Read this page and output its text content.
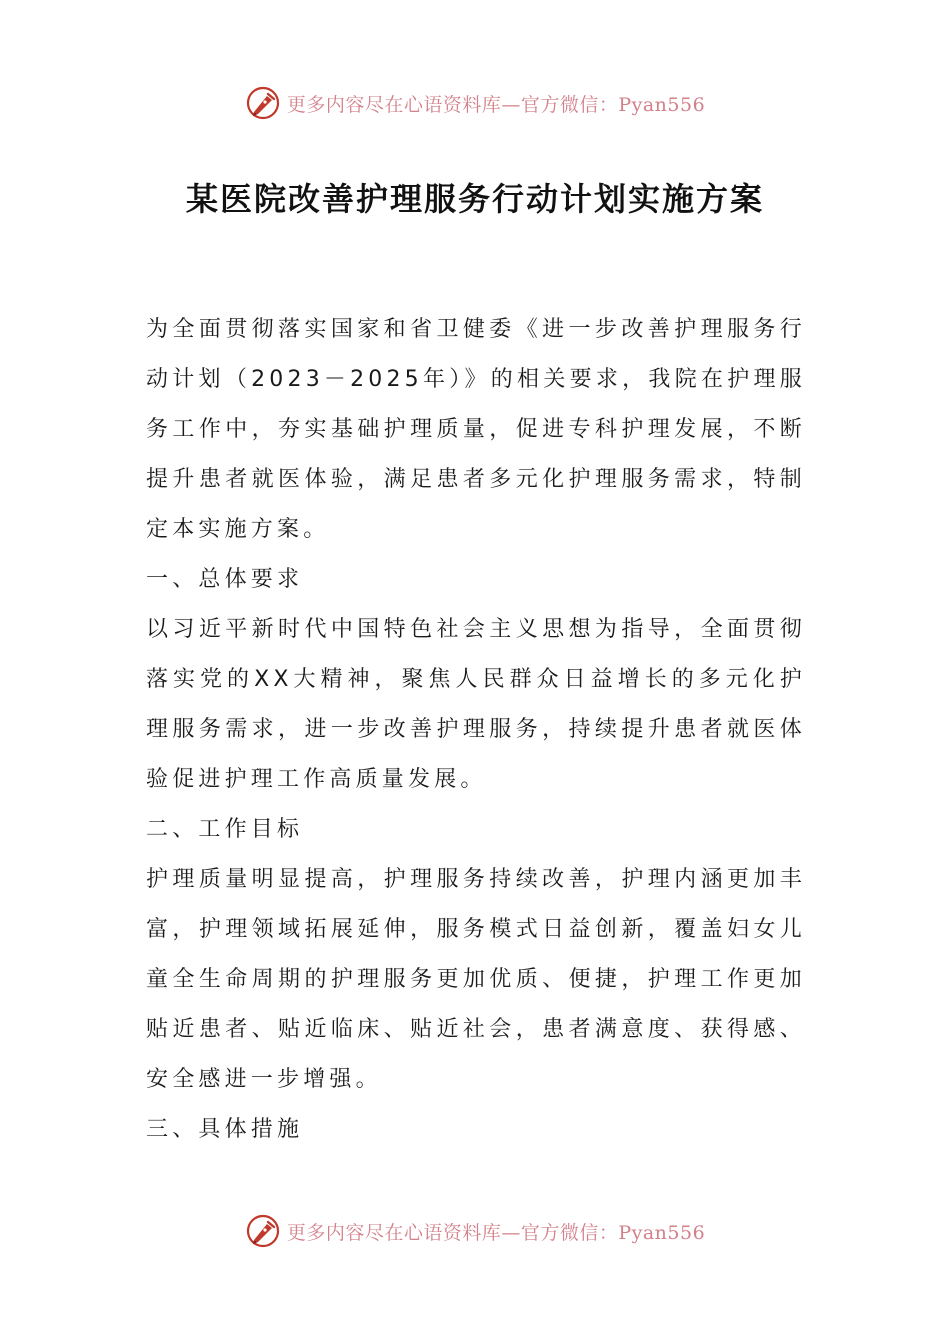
更多内容尽在心语资料库—官方微信：Pyan556
某医院改善护理服务行动计划实施方案

为全面贯彻落实国家和省卫健委《进一步改善护理服务行动计划（2023－2025年）》的相关要求，我院在护理服务工作中，夯实基础护理质量，促进专科护理发展，不断提升患者就医体验，满足患者多元化护理服务需求，特制定本实施方案。

一、总体要求

以习近平新时代中国特色社会主义思想为指导，全面贯彻落实党的XX大精神，聚焦人民群众日益增长的多元化护理服务需求，进一步改善护理服务，持续提升患者就医体验促进护理工作高质量发展。

二、工作目标

护理质量明显提高，护理服务持续改善，护理内涵更加丰富，护理领域拓展延伸，服务模式日益创新，覆盖妇女儿童全生命周期的护理服务更加优质、便捷，护理工作更加贴近患者、贴近临床、贴近社会，患者满意度、获得感、安全感进一步增强。

三、具体措施

更多内容尽在心语资料库—官方微信：Pyan556
